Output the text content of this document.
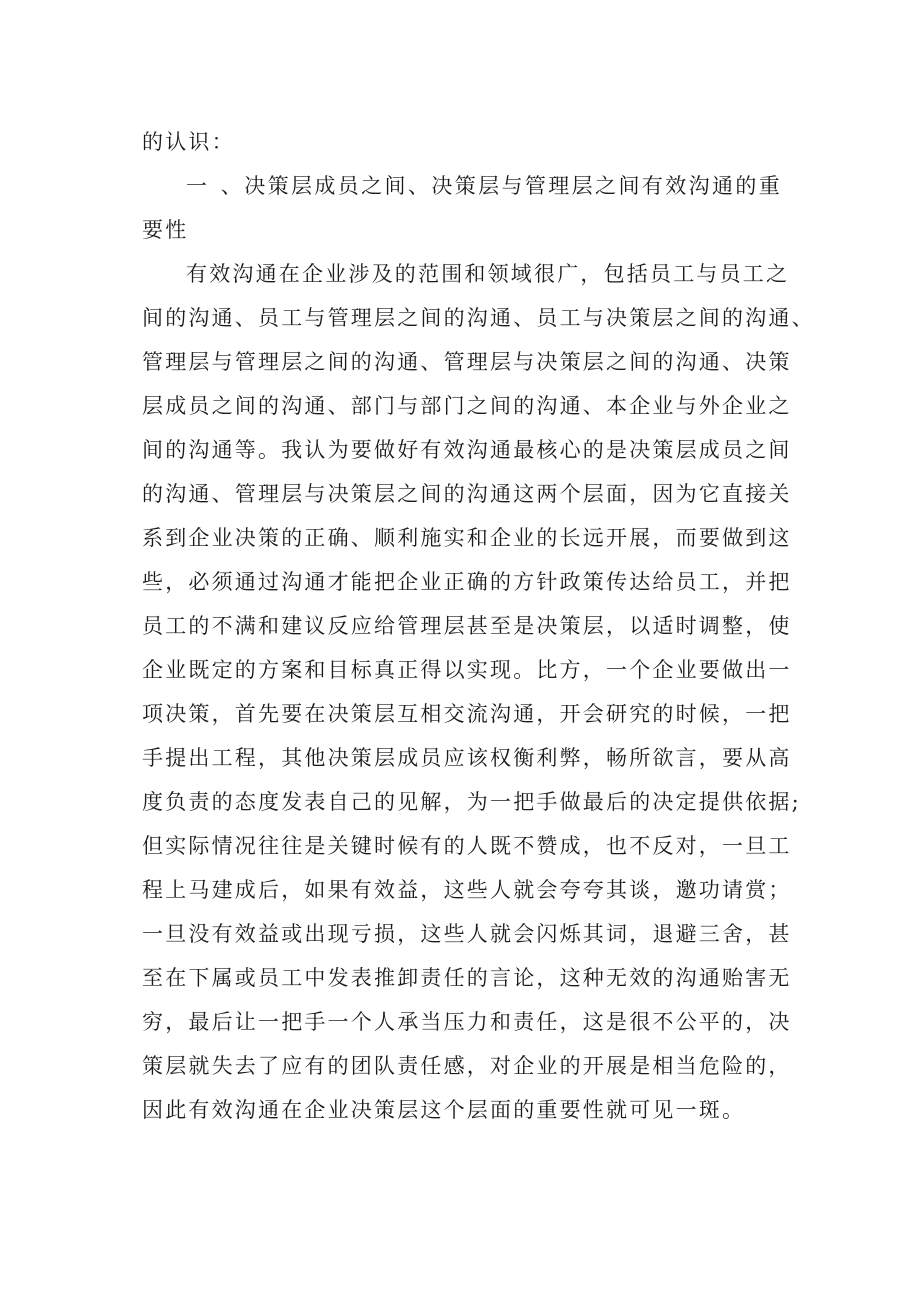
的认识：
一、决策层成员之间、决策层与管理层之间有效沟通的重
要性
有效沟通在企业涉及的范围和领域很广，包括员工与员工之
间的沟通、员工与管理层之间的沟通、员工与决策层之间的沟通、
管理层与管理层之间的沟通、管理层与决策层之间的沟通、决策
层成员之间的沟通、部门与部门之间的沟通、本企业与外企业之
间的沟通等。我认为要做好有效沟通最核心的是决策层成员之间
的沟通、管理层与决策层之间的沟通这两个层面，因为它直接关
系到企业决策的正确、顺利施实和企业的长远开展，而要做到这
些，必须通过沟通才能把企业正确的方针政策传达给员工，并把
员工的不满和建议反应给管理层甚至是决策层，以适时调整，使
企业既定的方案和目标真正得以实现。比方，一个企业要做出一
项决策，首先要在决策层互相交流沟通，开会研究的时候，一把
手提出工程，其他决策层成员应该权衡利弊，畅所欲言，要从高
度负责的态度发表自己的见解，为一把手做最后的决定提供依据;
但实际情况往往是关键时候有的人既不赞成，也不反对，一旦工
程上马建成后，如果有效益，这些人就会夸夸其谈，邀功请赏；
一旦没有效益或出现亏损，这些人就会闪烁其词，退避三舍，甚
至在下属或员工中发表推卸责任的言论，这种无效的沟通贻害无
穷，最后让一把手一个人承当压力和责任，这是很不公平的，决
策层就失去了应有的团队责任感，对企业的开展是相当危险的，
因此有效沟通在企业决策层这个层面的重要性就可见一斑。
